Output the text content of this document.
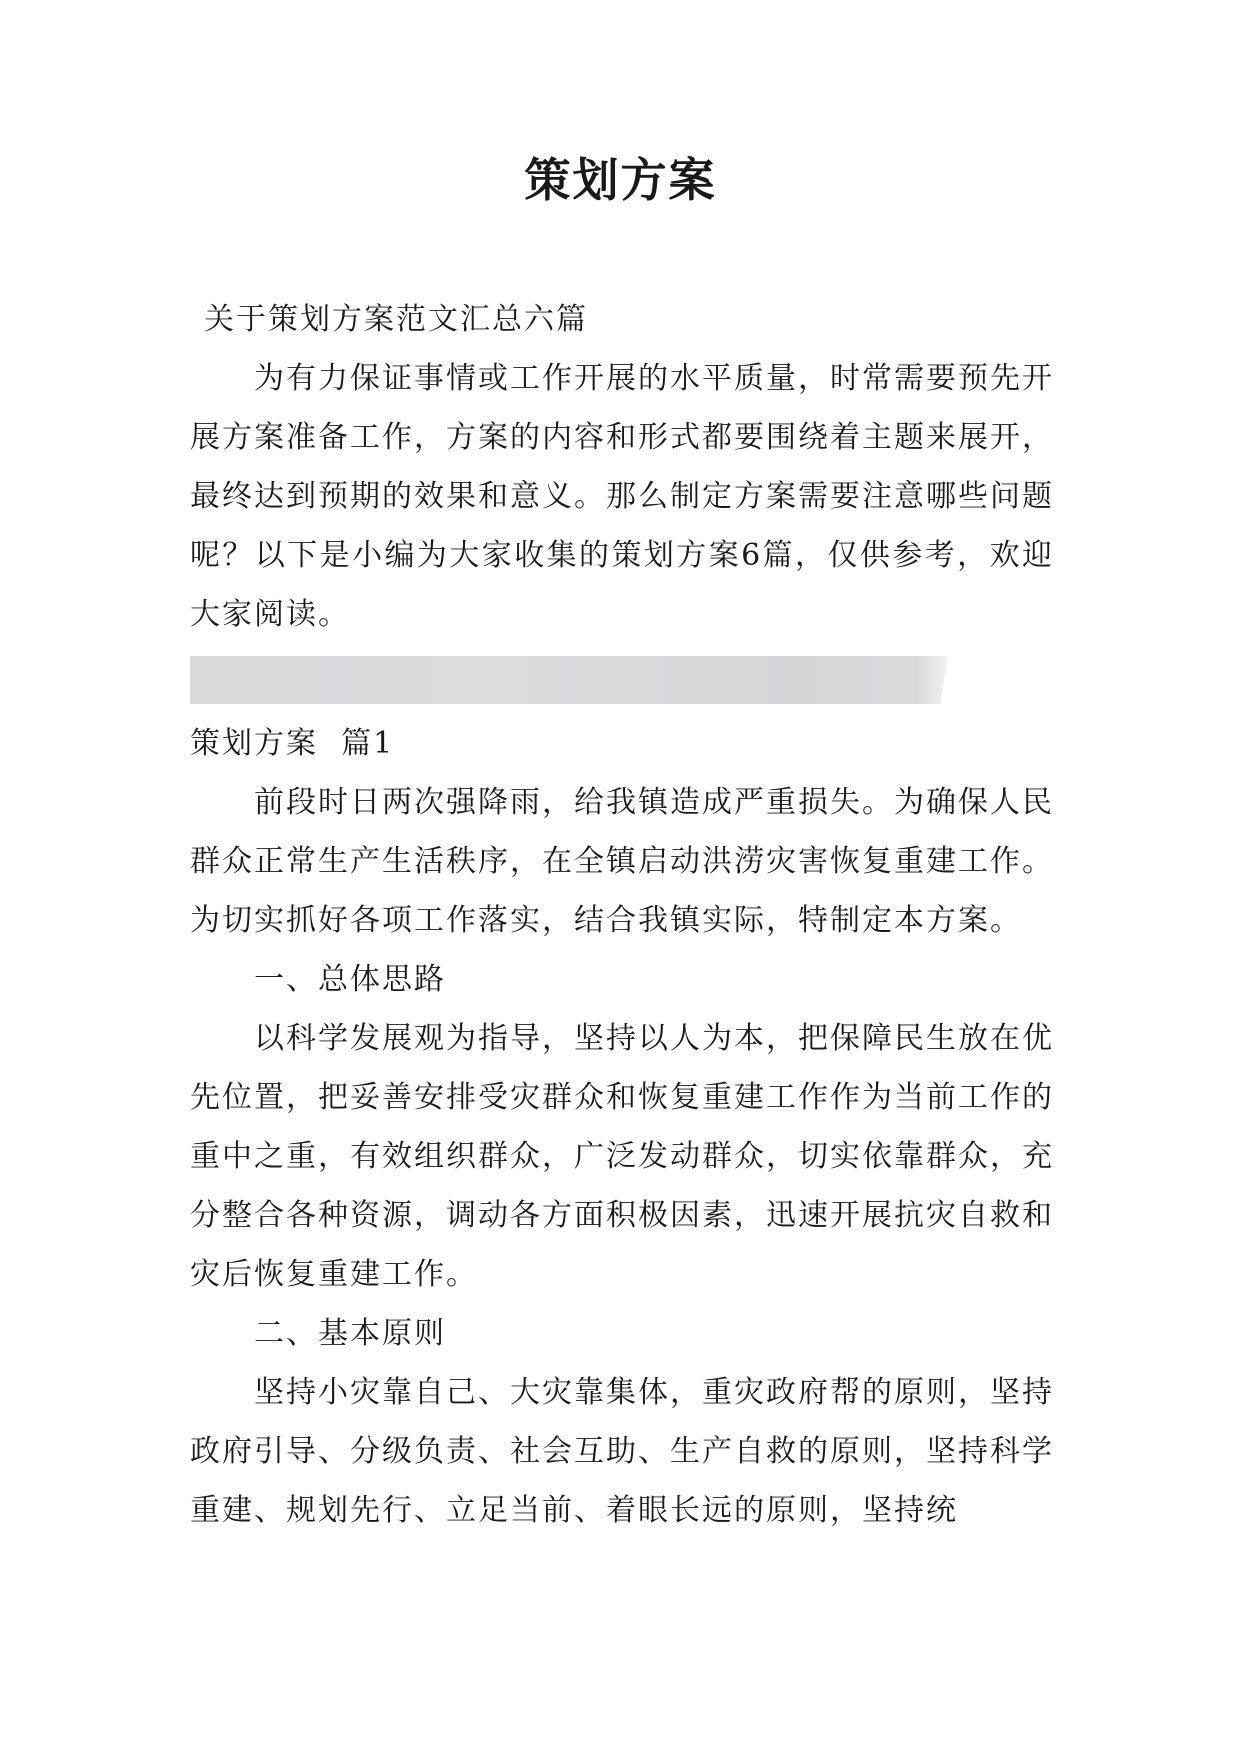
策划方案

关于策划方案范文汇总六篇

为有力保证事情或工作开展的水平质量，时常需要预先开展方案准备工作，方案的内容和形式都要围绕着主题来展开，最终达到预期的效果和意义。那么制定方案需要注意哪些问题呢？以下是小编为大家收集的策划方案6篇，仅供参考，欢迎大家阅读。

策划方案  篇1

前段时日两次强降雨，给我镇造成严重损失。为确保人民群众正常生产生活秩序，在全镇启动洪涝灾害恢复重建工作。为切实抓好各项工作落实，结合我镇实际，特制定本方案。

一、总体思路

以科学发展观为指导，坚持以人为本，把保障民生放在优先位置，把妥善安排受灾群众和恢复重建工作作为当前工作的重中之重，有效组织群众，广泛发动群众，切实依靠群众，充分整合各种资源，调动各方面积极因素，迅速开展抗灾自救和灾后恢复重建工作。

二、基本原则

坚持小灾靠自己、大灾靠集体，重灾政府帮的原则，坚持政府引导、分级负责、社会互助、生产自救的原则，坚持科学重建、规划先行、立足当前、着眼长远的原则，坚持统
